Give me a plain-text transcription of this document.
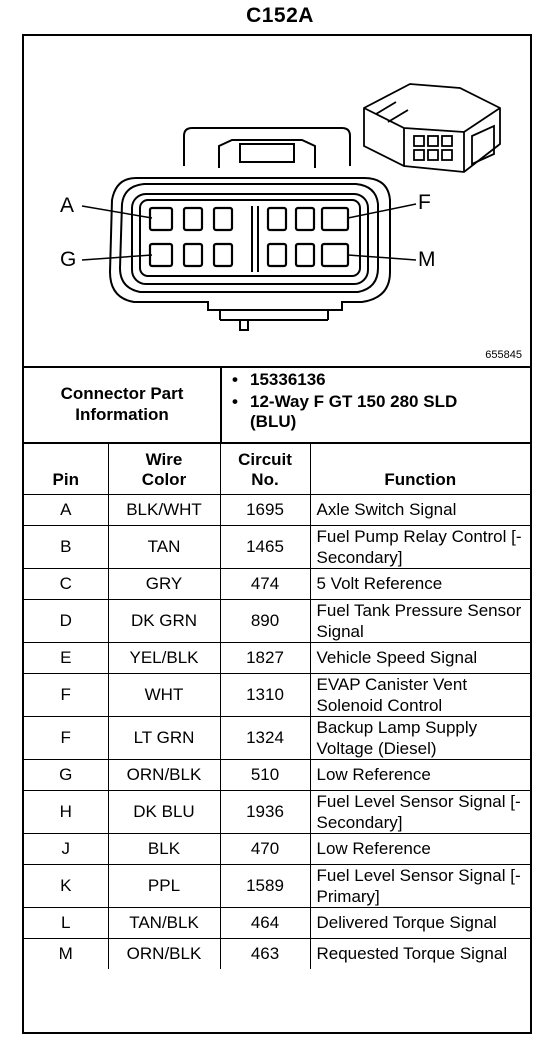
C152A
A
G
F
M
655845
Connector Part Information
• 15336136
• 12-Way F GT 150 280 SLD (BLU)
Pin	Wire Color	Circuit No.	Function
A	BLK/WHT	1695	Axle Switch Signal
B	TAN	1465	Fuel Pump Relay Control [- Secondary]
C	GRY	474	5 Volt Reference
D	DK GRN	890	Fuel Tank Pressure Sensor Signal
E	YEL/BLK	1827	Vehicle Speed Signal
F	WHT	1310	EVAP Canister Vent Solenoid Control
F	LT GRN	1324	Backup Lamp Supply Voltage (Diesel)
G	ORN/BLK	510	Low Reference
H	DK BLU	1936	Fuel Level Sensor Signal [- Secondary]
J	BLK	470	Low Reference
K	PPL	1589	Fuel Level Sensor Signal [- Primary]
L	TAN/BLK	464	Delivered Torque Signal
M	ORN/BLK	463	Requested Torque Signal
